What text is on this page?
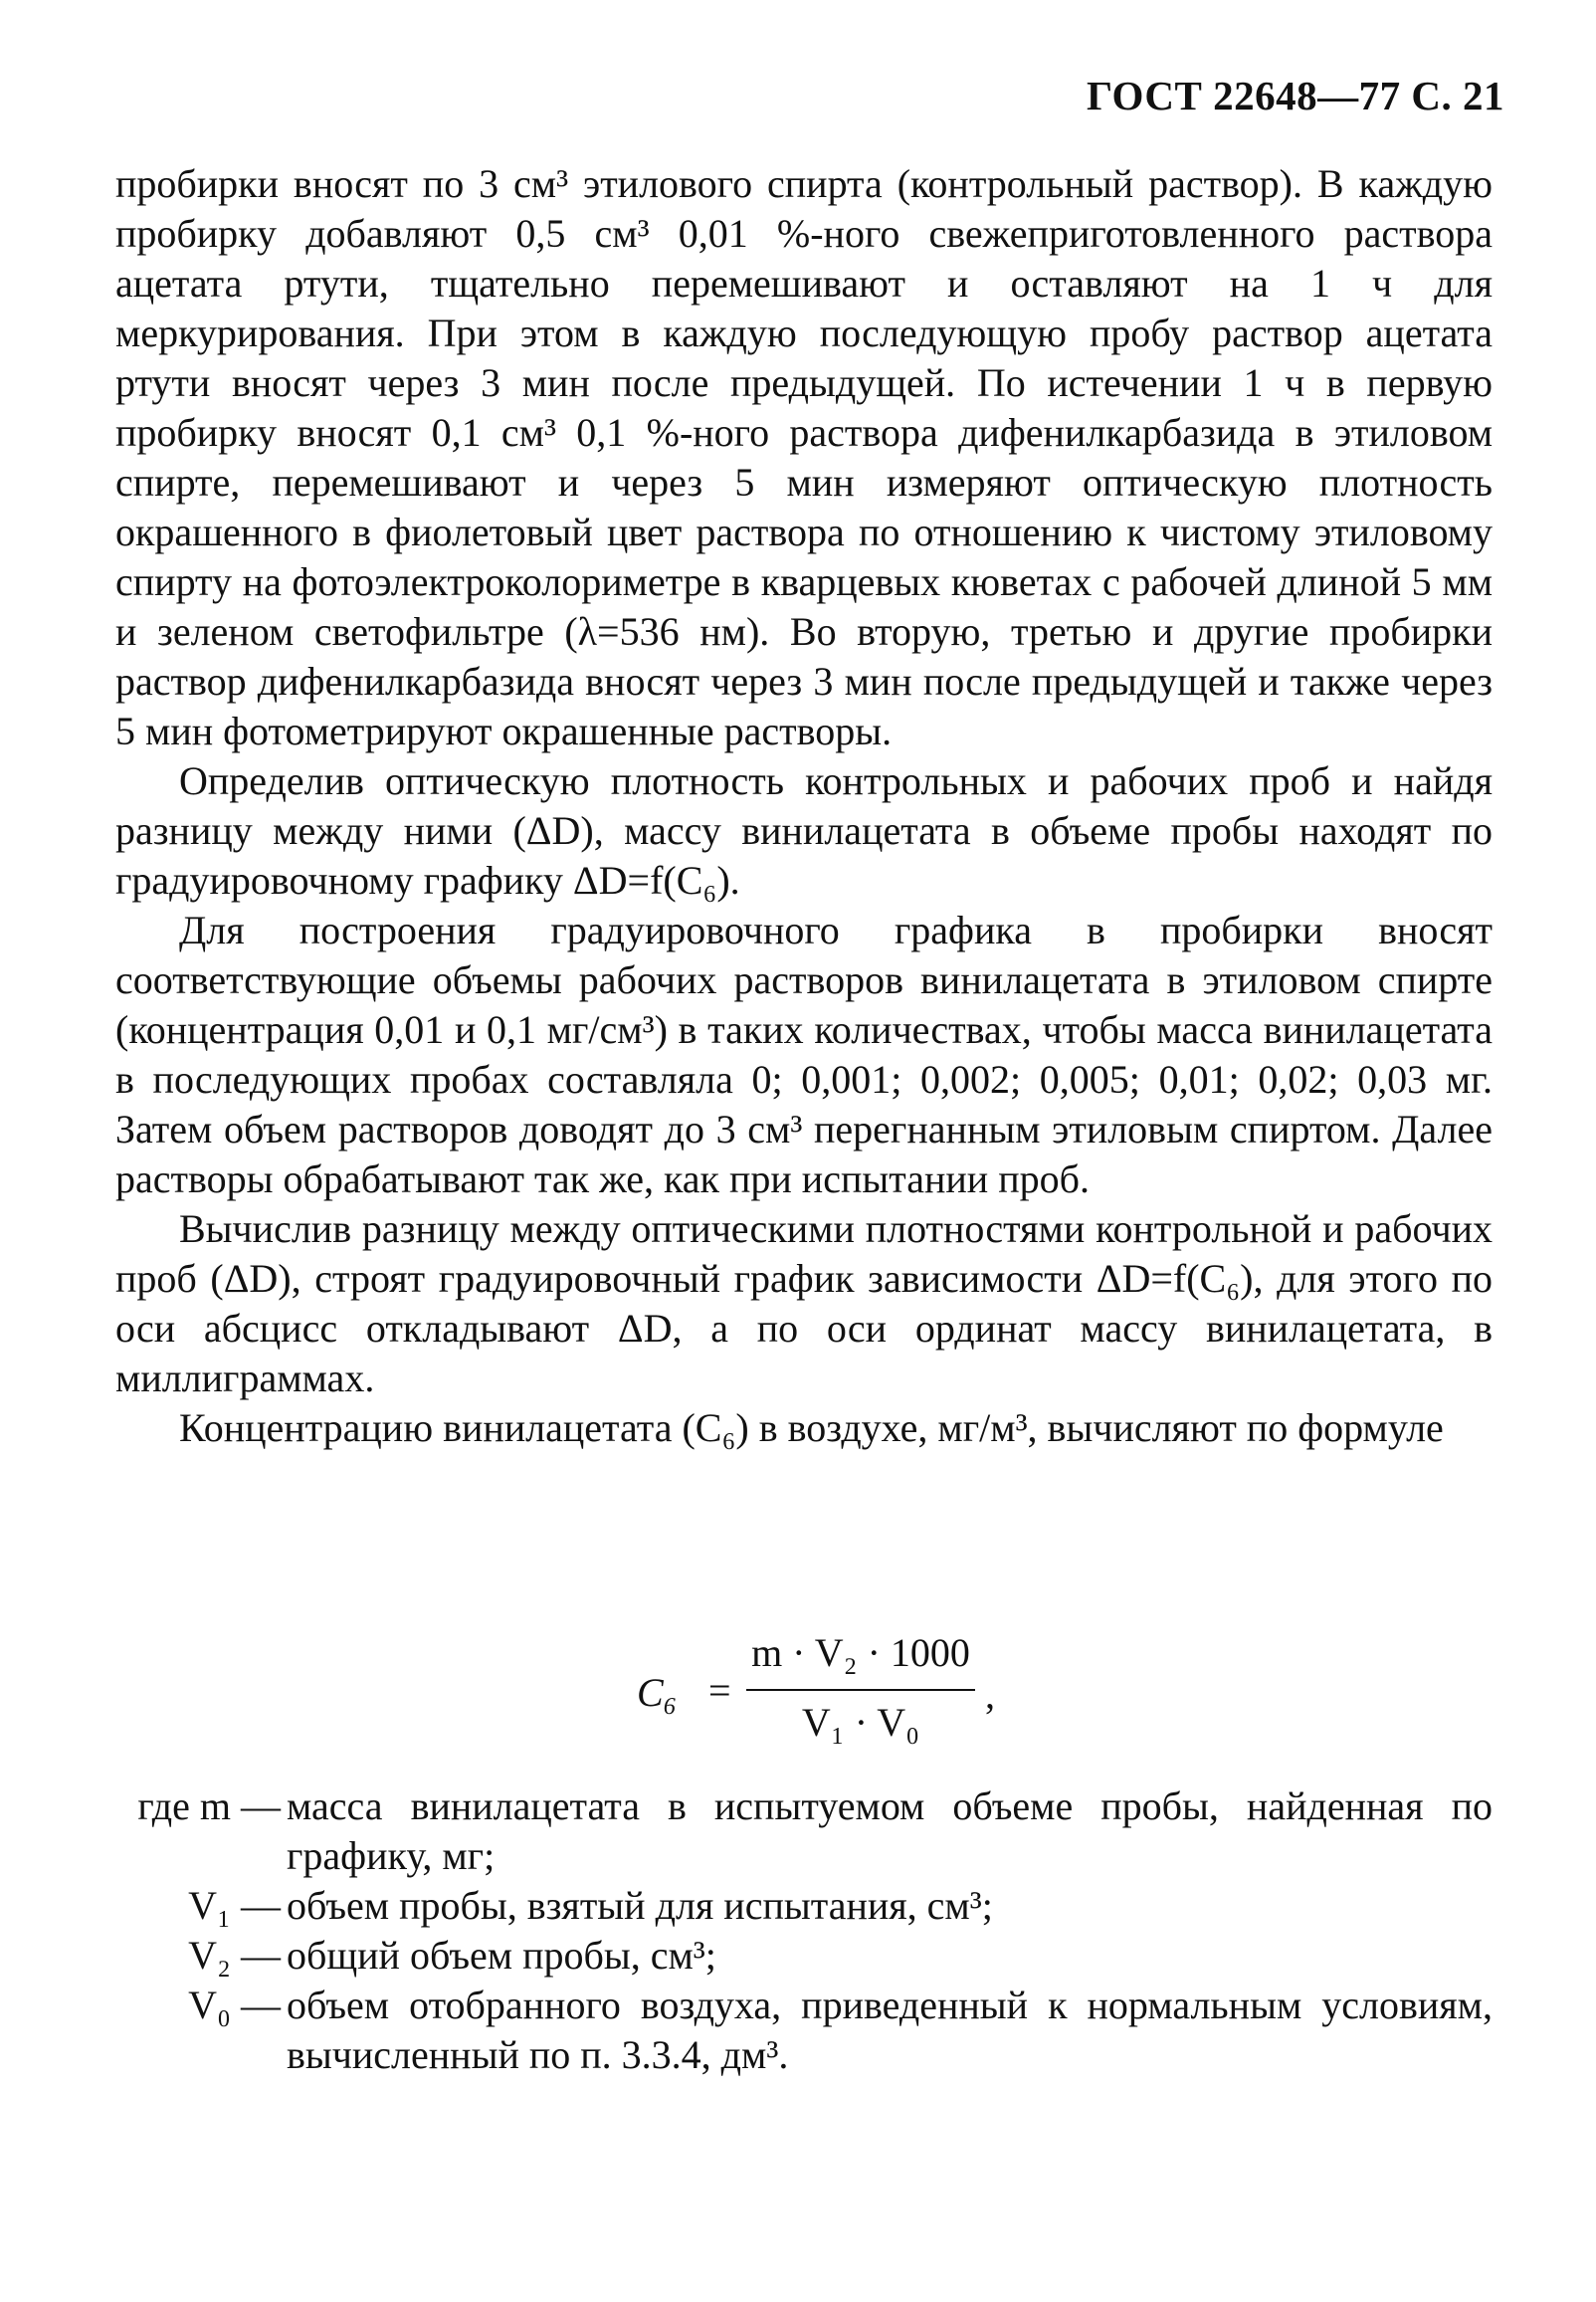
ГОСТ 22648—77 С. 21

пробирки вносят по 3 см³ этилового спирта (контрольный раствор). В каждую пробирку добавляют 0,5 см³ 0,01 %-ного свежеприготовленного раствора ацетата ртути, тщательно перемешивают и оставляют на 1 ч для меркурирования. При этом в каждую последующую пробу раствор ацетата ртути вносят через 3 мин после предыдущей. По истечении 1 ч в первую пробирку вносят 0,1 см³ 0,1 %-ного раствора дифенилкарбазида в этиловом спирте, перемешивают и через 5 мин измеряют оптическую плотность окрашенного в фиолетовый цвет раствора по отношению к чистому этиловому спирту на фотоэлектроколориметре в кварцевых кюветах с рабочей длиной 5 мм и зеленом светофильтре (λ=536 нм). Во вторую, третью и другие пробирки раствор дифенилкарбазида вносят через 3 мин после предыдущей и также через 5 мин фотометрируют окрашенные растворы.

Определив оптическую плотность контрольных и рабочих проб и найдя разницу между ними (ΔD), массу винилацетата в объеме пробы находят по градуировочному графику ΔD=f(C₆).

Для построения градуировочного графика в пробирки вносят соответствующие объемы рабочих растворов винилацетата в этиловом спирте (концентрация 0,01 и 0,1 мг/см³) в таких количествах, чтобы масса винилацетата в последующих пробах составляла 0; 0,001; 0,002; 0,005; 0,01; 0,02; 0,03 мг. Затем объем растворов доводят до 3 см³ перегнанным этиловым спиртом. Далее растворы обрабатывают так же, как при испытании проб.

Вычислив разницу между оптическими плотностями контрольной и рабочих проб (ΔD), строят градуировочный график зависимости ΔD=f(C₆), для этого по оси абсцисс откладывают ΔD, а по оси ординат массу винилацетата, в миллиграммах.

Концентрацию винилацетата (C₆) в воздухе, мг/м³, вычисляют по формуле

C₆ =
m · V₂ · 1000
V₁ · V₀
,
где m — масса винилацетата в испытуемом объеме пробы, найденная по графику, мг;
V₁ — объем пробы, взятый для испытания, см³;
V₂ — общий объем пробы, см³;
V₀ — объем отобранного воздуха, приведенный к нормальным условиям, вычисленный по п. 3.3.4, дм³.
